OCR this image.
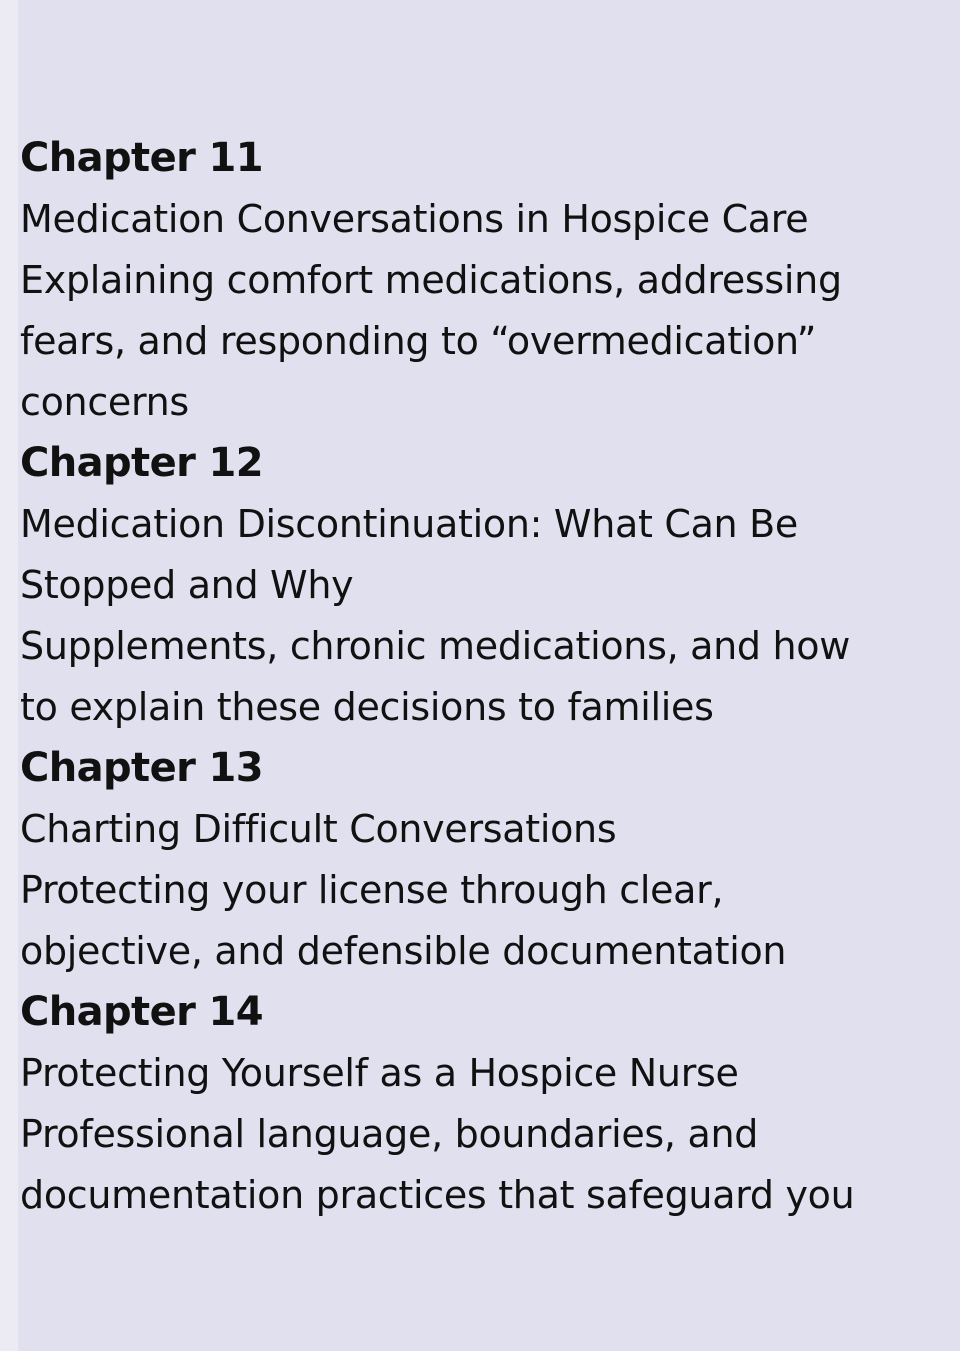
Chapter 11
Medication Conversations in Hospice Care
Explaining comfort medications, addressing
fears, and responding to “overmedication”
concerns
Chapter 12
Medication Discontinuation: What Can Be
Stopped and Why
Supplements, chronic medications, and how
to explain these decisions to families
Chapter 13
Charting Difficult Conversations
Protecting your license through clear,
objective, and defensible documentation
Chapter 14
Protecting Yourself as a Hospice Nurse
Professional language, boundaries, and
documentation practices that safeguard you
